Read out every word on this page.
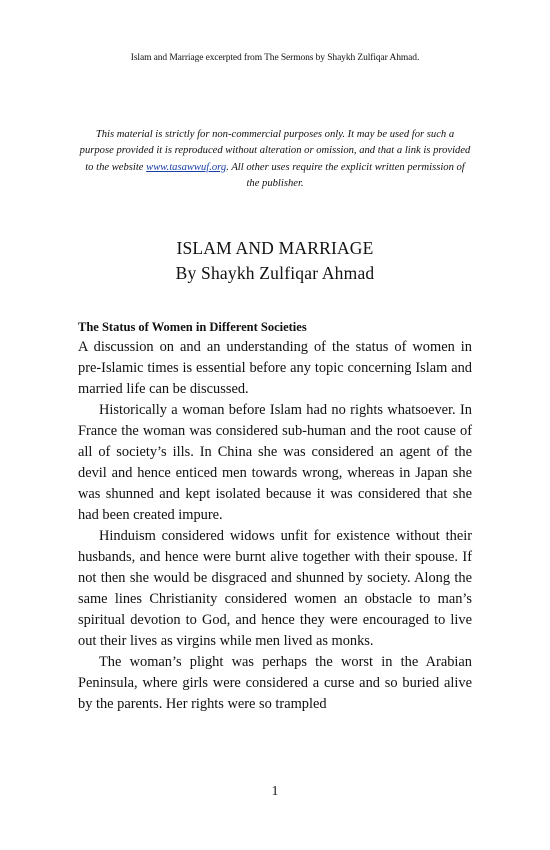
Islam and Marriage excerpted from The Sermons by Shaykh Zulfiqar Ahmad.
This material is strictly for non-commercial purposes only. It may be used for such a purpose provided it is reproduced without alteration or omission, and that a link is provided to the website www.tasawwuf.org. All other uses require the explicit written permission of the publisher.
ISLAM AND MARRIAGE
By Shaykh Zulfiqar Ahmad
The Status of Women in Different Societies

A discussion on and an understanding of the status of women in pre-Islamic times is essential before any topic concerning Islam and married life can be discussed.

Historically a woman before Islam had no rights whatsoever. In France the woman was considered sub-human and the root cause of all of society’s ills. In China she was considered an agent of the devil and hence enticed men towards wrong, whereas in Japan she was shunned and kept isolated because it was considered that she had been created impure.

Hinduism considered widows unfit for existence without their husbands, and hence were burnt alive together with their spouse. If not then she would be disgraced and shunned by society. Along the same lines Christianity considered women an obstacle to man’s spiritual devotion to God, and hence they were encouraged to live out their lives as virgins while men lived as monks.

The woman’s plight was perhaps the worst in the Arabian Peninsula, where girls were considered a curse and so buried alive by the parents. Her rights were so trampled

1
